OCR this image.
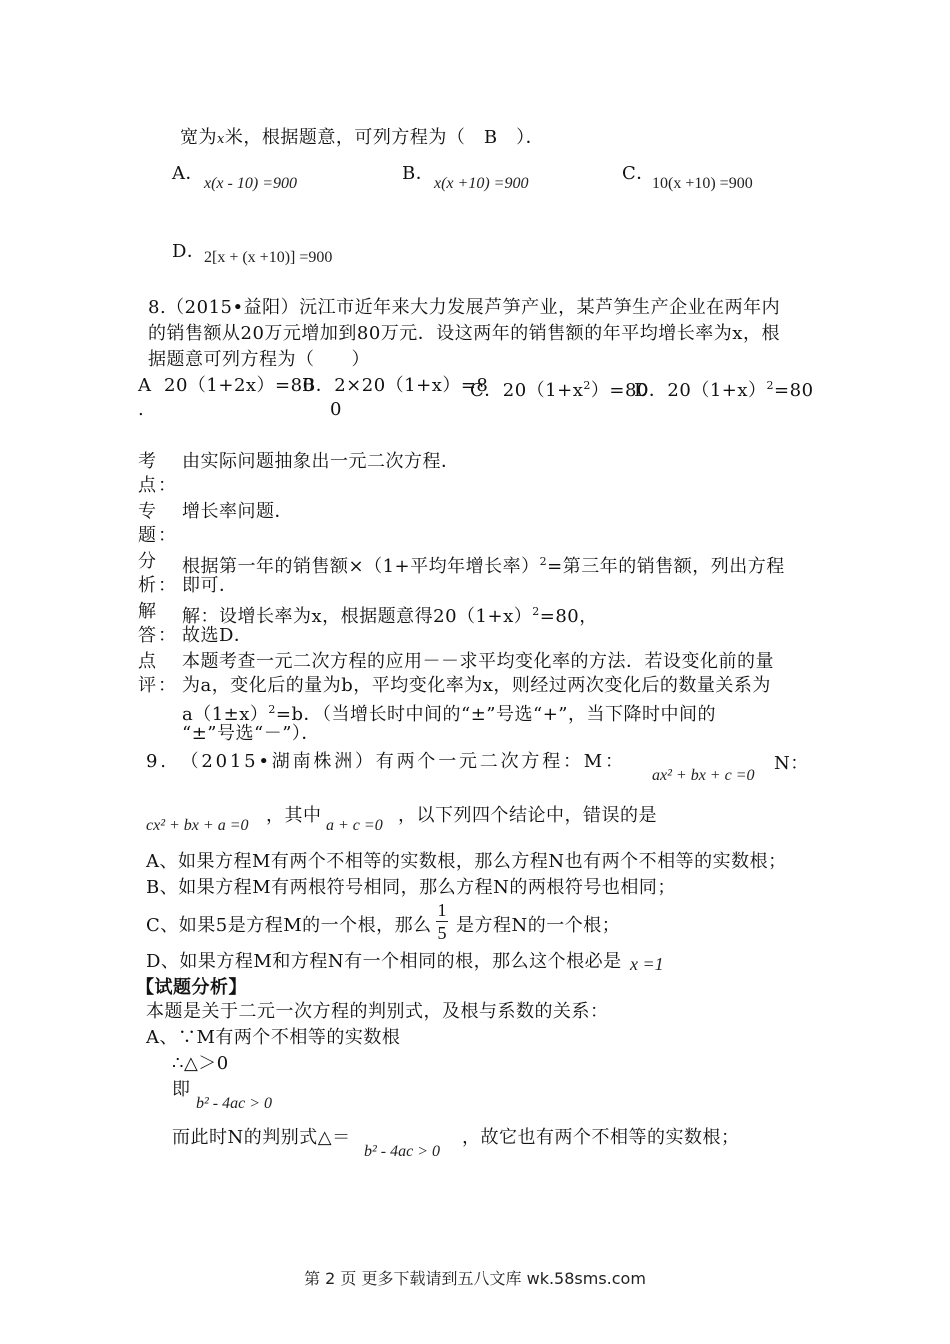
宽为x米，根据题意，可列方程为（　B　）．
A． x(x - 10) =900	B． x(x +10) =900	C．
10(x +10) =900
D．
2[x + (x +10)] =900
8.（2015•益阳）沅江市近年来大力发展芦笋产业，某芦笋生产企业在两年内
的销售额从20万元增加到80万元．设这两年的销售额的年平均增长率为x，根
据题意可列方程为（　　）
A
.
20（1+2x）=80
B．2×20（1+x）=8
0
C．$20(1+x^2)=80$
D．$20(1+x)^2=80$
考
点：
由实际问题抽象出一元二次方程．
专
题：
增长率问题．
分
析：
根据第一年的销售额×（1+平均年增长率）$^2$=第三年的销售额，列出方程
即可．
解
答：
解：设增长率为x，根据题意得$20(1+x)^2=80$，
故选D．
点
评：
本题考查一元二次方程的应用－－求平均变化率的方法．若设变化前的量
为a，变化后的量为b，平均变化率为x，则经过两次变化后的数量关系为
$a(1\pm x)^2=b$．（当增长时中间的“±”号选“+”，当下降时中间的
“±”号选“－”）．
9.　（2015•湖南株洲）有两个一元二次方程：M：
ax² + bx + c =0
N：
cx² + bx + a =0 ，其中 a + c =0 ，以下列四个结论中，错误的是
A、如果方程M有两个不相等的实数根，那么方程N也有两个不相等的实数根；
B、如果方程M有两根符号相同，那么方程N的两根符号也相同；
C、如果5是方程M的一个根，那么
1
5 是方程N的一个根；
D、如果方程M和方程N有一个相同的根，那么这个根必是 x =1
【试题分析】
本题是关于二元一次方程的判别式，及根与系数的关系：
A、∵M有两个不相等的实数根
∴△＞0
即
b² - 4ac > 0
而此时N的判别式△＝
b² - 4ac > 0
，故它也有两个不相等的实数根；
第 2 页 更多下载请到五八文库 wk.58sms.com
